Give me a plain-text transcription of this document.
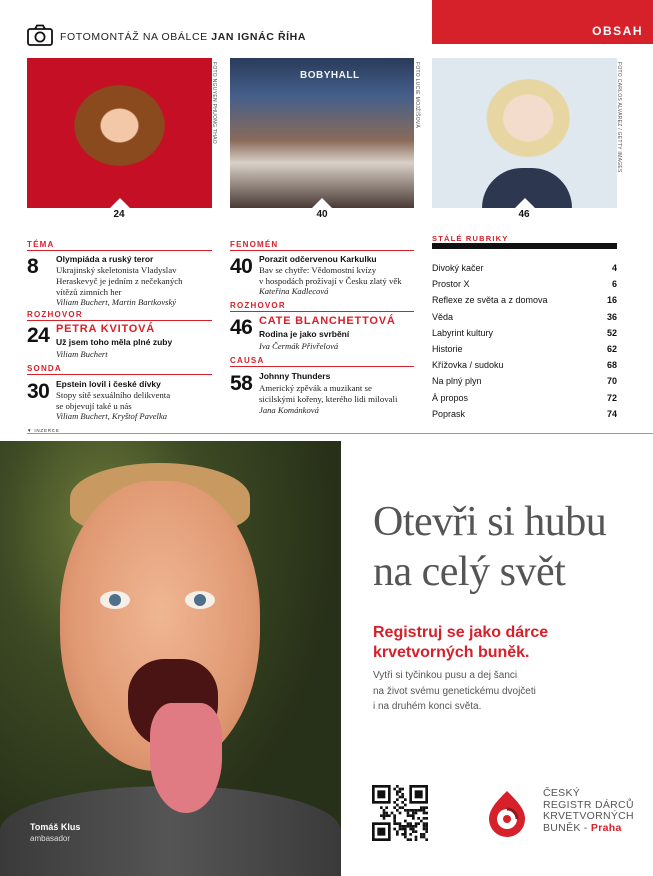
FOTOMONTÁŽ NA OBÁLCE JAN IGNÁC ŘÍHA	OBSAH
FOTO NGUYEN PHUONG THAO	BOBYHALL	FOTO LUCIE MOJŽÍŠOVÁ	FOTO CARLOS ALVAREZ / GETTY IMAGES
24	40	46
TÉMA
8 Olympiáda a ruský teror
Ukrajinský skeletonista Vladyslav
Heraskevyč je jedním z nečekaných
vítězů zimních her
Viliam Buchert, Martin Bartkovský
ROZHOVOR
24 PETRA KVITOVÁ
Už jsem toho měla plné zuby
Viliam Buchert
SONDA
30 Epstein lovil i české dívky
Stopy sítě sexuálního delikventa
se objevují také u nás
Viliam Buchert, Kryštof Pavelka
FENOMÉN
40 Porazit odčervenou Karkulku
Bav se chytře: Vědomostní kvízy
v hospodách prožívají v Česku zlatý věk
Kateřina Kadlecová
ROZHOVOR
46 CATE BLANCHETTOVÁ
Rodina je jako svrbění
Iva Čermák Přivřelová
CAUSA
58 Johnny Thunders
Americký zpěvák a muzikant se
sicilskými kořeny, kterého lidi milovali
Jana Kománková
STÁLÉ RUBRIKY
Divoký kačer	4
Prostor X	6
Reflexe ze světa a z domova	16
Věda	36
Labyrint kultury	52
Historie	62
Křížovka / sudoku	68
Na plný plyn	70
À propos	72
Poprask	74
▼ INZERCE
Tomáš Klus
ambasador
Otevři si hubu
na celý svět
Registruj se jako dárce
krvetvorných buněk.
Vytři si tyčinkou pusu a dej šanci
na život svému genetickému dvojčeti
i na druhém konci světa.
ČESKÝ
REGISTR DÁRCŮ
KRVETVORNÝCH
BUNĚK - Praha
